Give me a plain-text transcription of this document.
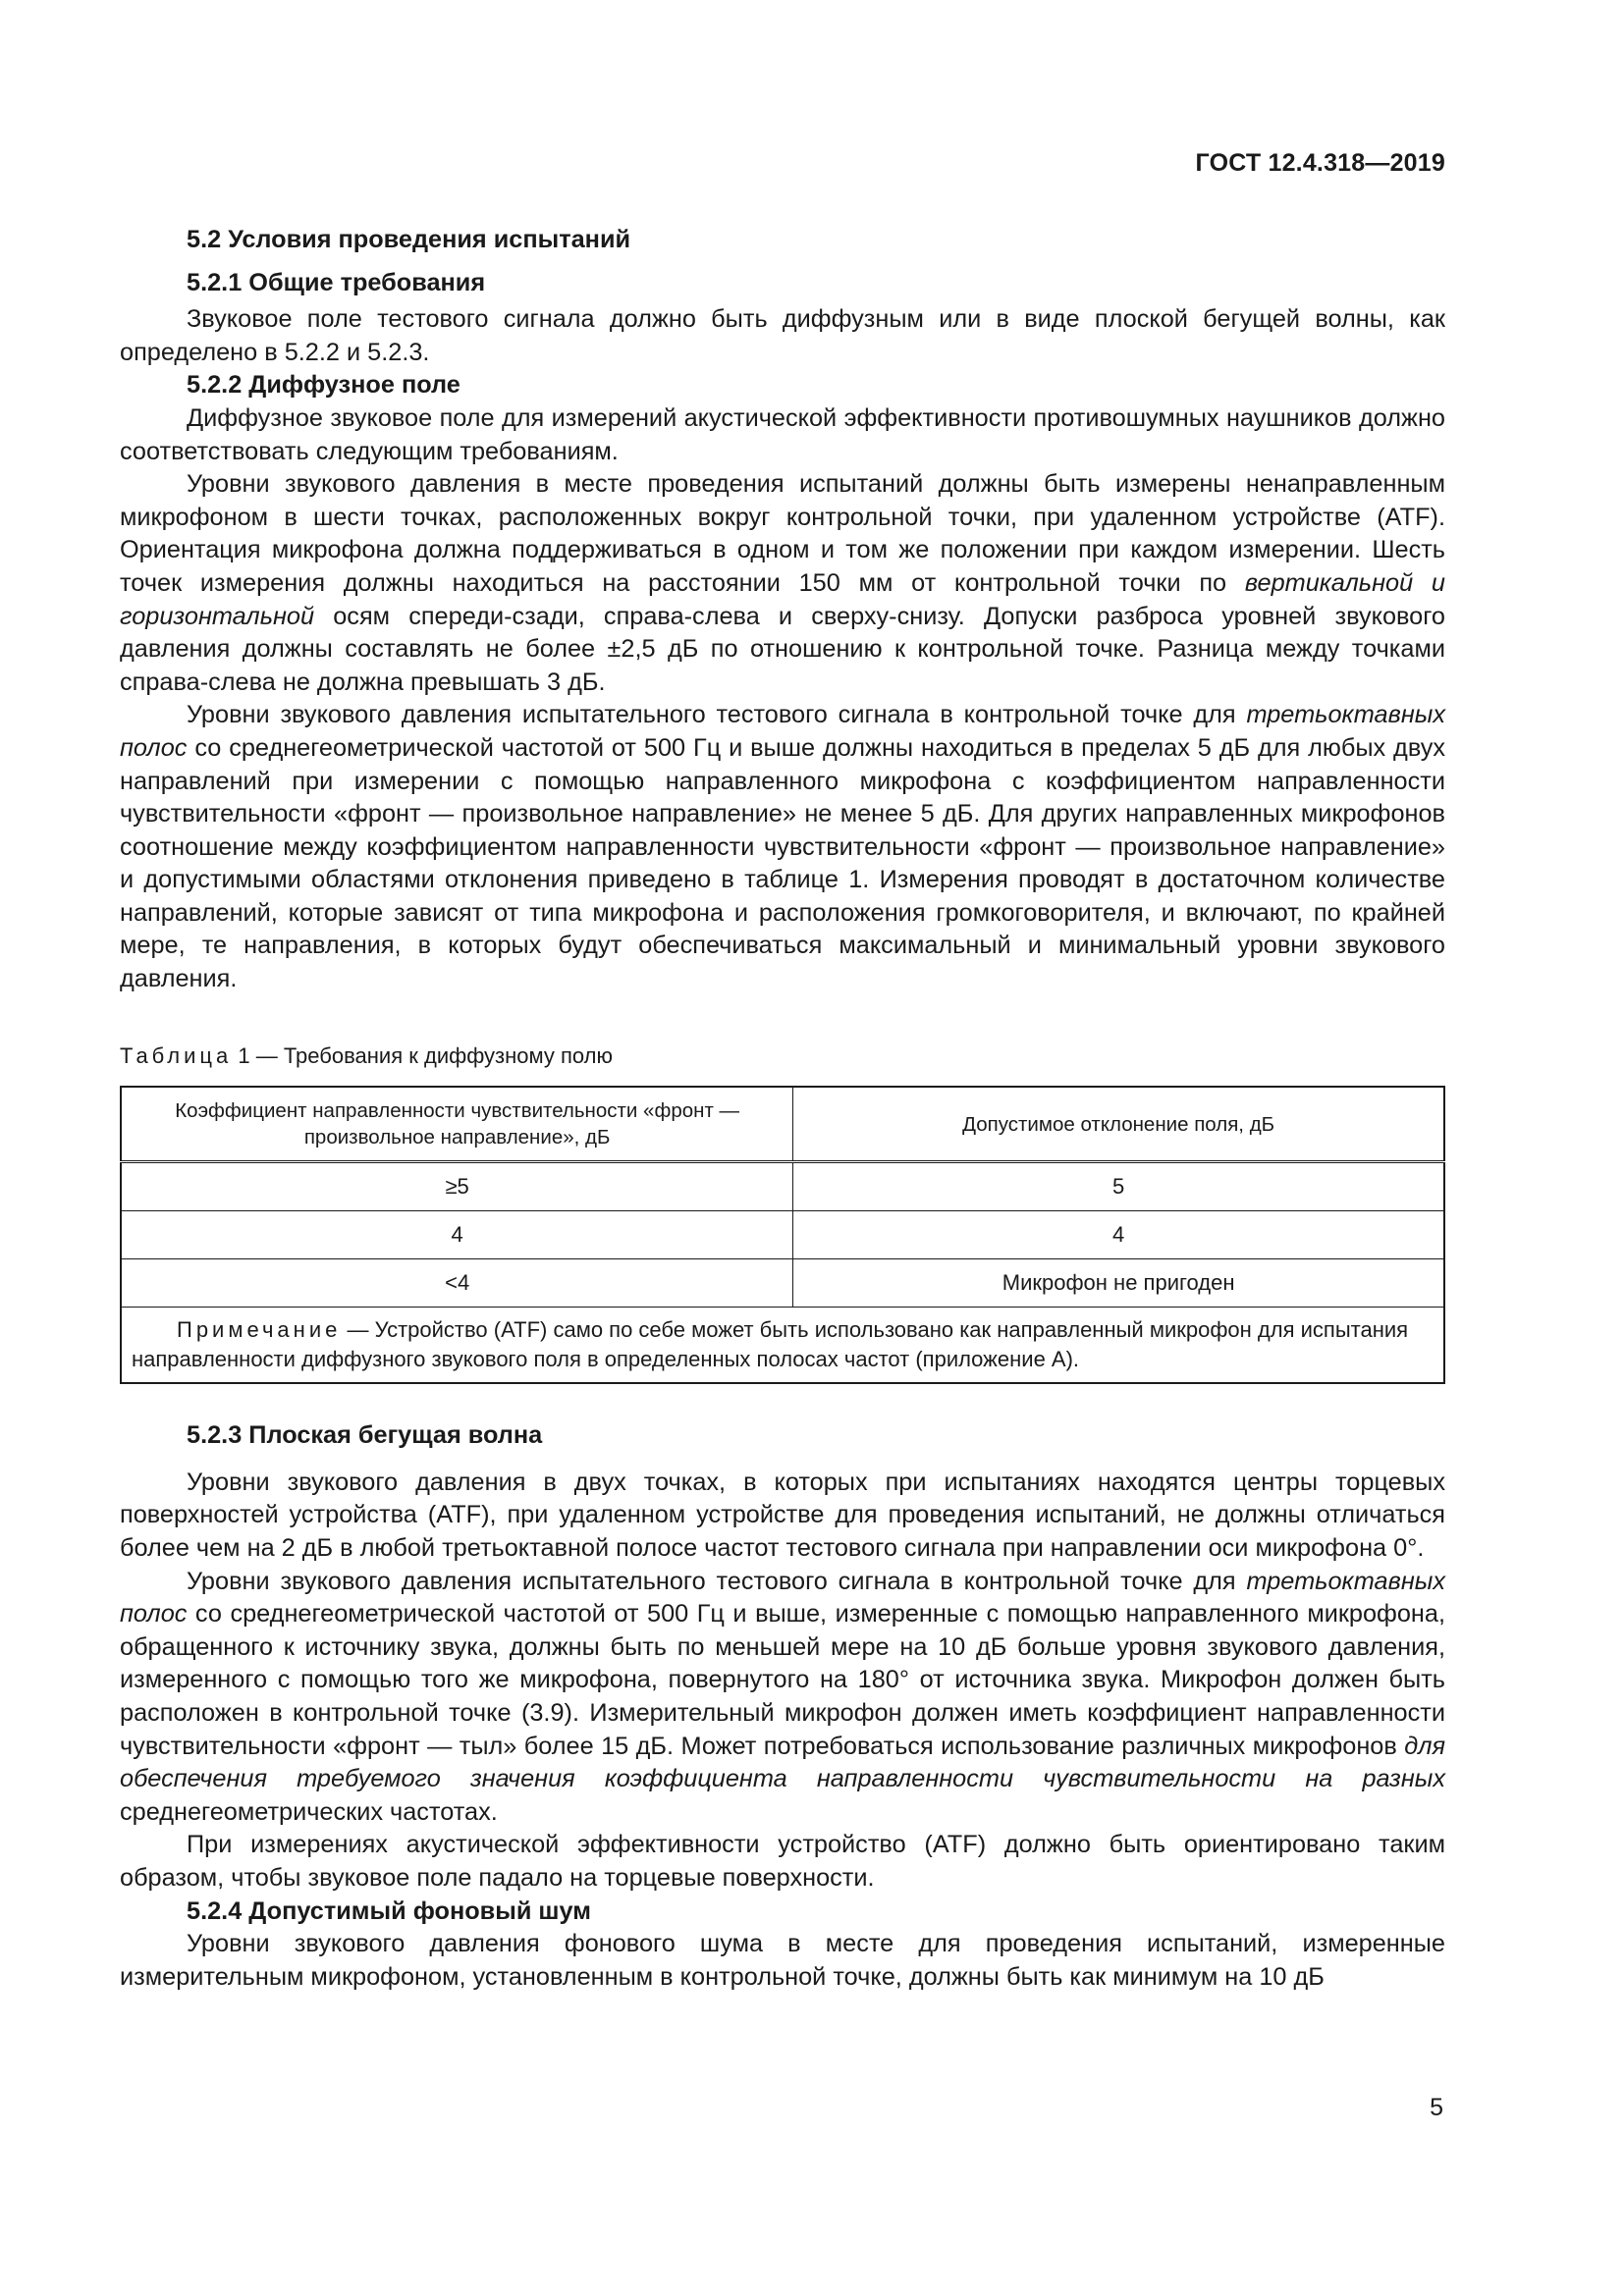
ГОСТ 12.4.318—2019
5.2 Условия проведения испытаний
5.2.1 Общие требования

Звуковое поле тестового сигнала должно быть диффузным или в виде плоской бегущей волны, как определено в 5.2.2 и 5.2.3.

5.2.2 Диффузное поле

Диффузное звуковое поле для измерений акустической эффективности противошумных наушников должно соответствовать следующим требованиям.

Уровни звукового давления в месте проведения испытаний должны быть измерены ненаправленным микрофоном в шести точках, расположенных вокруг контрольной точки, при удаленном устройстве (ATF). Ориентация микрофона должна поддерживаться в одном и том же положении при каждом измерении. Шесть точек измерения должны находиться на расстоянии 150 мм от контрольной точки по вертикальной и горизонтальной осям спереди-сзади, справа-слева и сверху-снизу. Допуски разброса уровней звукового давления должны составлять не более ±2,5 дБ по отношению к контрольной точке. Разница между точками справа-слева не должна превышать 3 дБ.

Уровни звукового давления испытательного тестового сигнала в контрольной точке для третьоктавных полос со среднегеометрической частотой от 500 Гц и выше должны находиться в пределах 5 дБ для любых двух направлений при измерении с помощью направленного микрофона с коэффициентом направленности чувствительности «фронт — произвольное направление» не менее 5 дБ. Для других направленных микрофонов соотношение между коэффициентом направленности чувствительности «фронт — произвольное направление» и допустимыми областями отклонения приведено в таблице 1. Измерения проводят в достаточном количестве направлений, которые зависят от типа микрофона и расположения громкоговорителя, и включают, по крайней мере, те направления, в которых будут обеспечиваться максимальный и минимальный уровни звукового давления.

Таблица 1 — Требования к диффузному полю
Коэффициент направленности чувствительности «фронт — произвольное направление», дБ	Допустимое отклонение поля, дБ
≥5	5
4	4
<4	Микрофон не пригоден
Примечание — Устройство (ATF) само по себе может быть использовано как направленный микрофон для испытания направленности диффузного звукового поля в определенных полосах частот (приложение А).	
5.2.3 Плоская бегущая волна

Уровни звукового давления в двух точках, в которых при испытаниях находятся центры торцевых поверхностей устройства (ATF), при удаленном устройстве для проведения испытаний, не должны отличаться более чем на 2 дБ в любой третьоктавной полосе частот тестового сигнала при направлении оси микрофона 0°.

Уровни звукового давления испытательного тестового сигнала в контрольной точке для третьоктавных полос со среднегеометрической частотой от 500 Гц и выше, измеренные с помощью направленного микрофона, обращенного к источнику звука, должны быть по меньшей мере на 10 дБ больше уровня звукового давления, измеренного с помощью того же микрофона, повернутого на 180° от источника звука. Микрофон должен быть расположен в контрольной точке (3.9). Измерительный микрофон должен иметь коэффициент направленности чувствительности «фронт — тыл» более 15 дБ. Может потребоваться использование различных микрофонов для обеспечения требуемого значения коэффициента направленности чувствительности на разных среднегеометрических частотах.

При измерениях акустической эффективности устройство (ATF) должно быть ориентировано таким образом, чтобы звуковое поле падало на торцевые поверхности.

5.2.4 Допустимый фоновый шум

Уровни звукового давления фонового шума в месте для проведения испытаний, измеренные измерительным микрофоном, установленным в контрольной точке, должны быть как минимум на 10 дБ

5
